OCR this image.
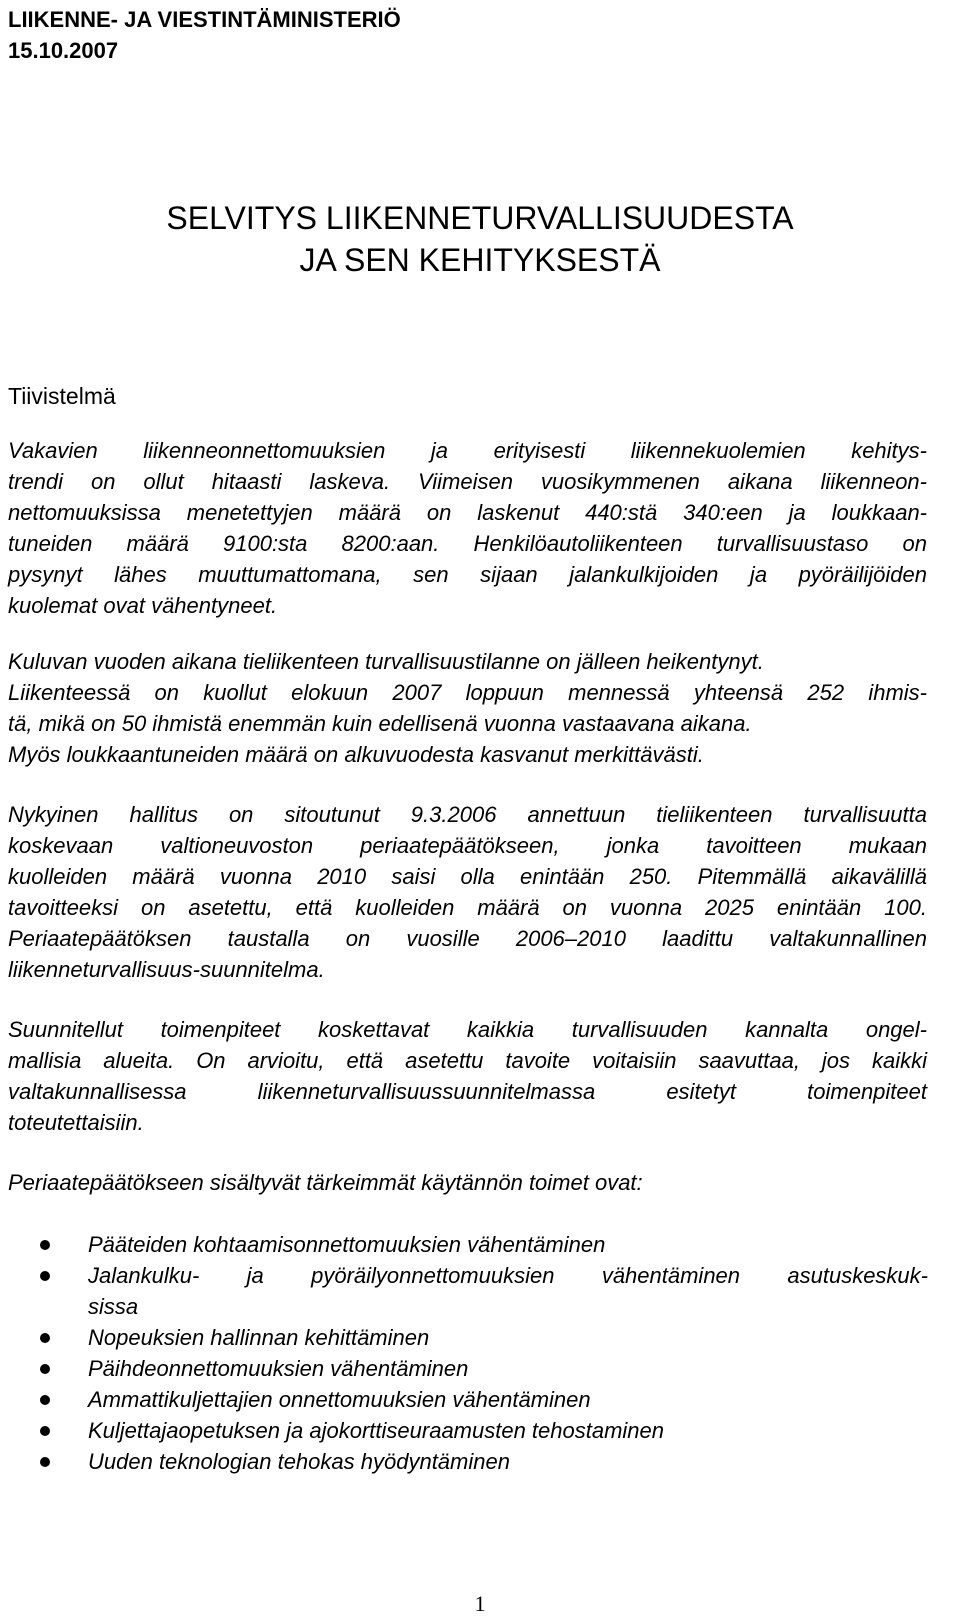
LIIKENNE- JA VIESTINTÄMINISTERIÖ
15.10.2007
SELVITYS LIIKENNETURVALLISUUDESTA
JA SEN KEHITYKSESTÄ
Tiivistelmä
Vakavien liikenneonnettomuuksien ja erityisesti liikennekuolemien kehitys-
trendi on ollut hitaasti laskeva. Viimeisen vuosikymmenen aikana liikenneon-
nettomuuksissa menetettyjen määrä on laskenut 440:stä 340:een ja loukkaan-
tuneiden määrä 9100:sta 8200:aan. Henkilöautoliikenteen turvallisuustaso on
pysynyt lähes muuttumattomana, sen sijaan jalankulkijoiden ja pyöräilijöiden
kuolemat ovat vähentyneet.
Kuluvan vuoden aikana tieliikenteen turvallisuustilanne on jälleen heikentynyt.
Liikenteessä on kuollut elokuun 2007 loppuun mennessä yhteensä 252 ihmis-
tä, mikä on 50 ihmistä enemmän kuin edellisenä vuonna vastaavana aikana.
Myös loukkaantuneiden määrä on alkuvuodesta kasvanut merkittävästi.
Nykyinen hallitus on sitoutunut 9.3.2006 annettuun tieliikenteen turvallisuutta
koskevaan valtioneuvoston periaatepäätökseen, jonka tavoitteen mukaan
kuolleiden määrä vuonna 2010 saisi olla enintään 250. Pitemmällä aikavälillä
tavoitteeksi on asetettu, että kuolleiden määrä on vuonna 2025 enintään 100.
Periaatepäätöksen taustalla on vuosille 2006–2010 laadittu valtakunnallinen
liikenneturvallisuus-suunnitelma.
Suunnitellut toimenpiteet koskettavat kaikkia turvallisuuden kannalta ongel-
mallisia alueita. On arvioitu, että asetettu tavoite voitaisiin saavuttaa, jos kaikki
valtakunnallisessa liikenneturvallisuussuunnitelmassa esitetyt toimenpiteet
toteutettaisiin.
Periaatepäätökseen sisältyvät tärkeimmät käytännön toimet ovat:
Pääteiden kohtaamisonnettomuuksien vähentäminen
Jalankulku- ja pyöräilyonnettomuuksien vähentäminen asutuskeskuk-
sissa
Nopeuksien hallinnan kehittäminen
Päihdeonnettomuuksien vähentäminen
Ammattikuljettajien onnettomuuksien vähentäminen
Kuljettajaopetuksen ja ajokorttiseuraamusten tehostaminen
Uuden teknologian tehokas hyödyntäminen
1
